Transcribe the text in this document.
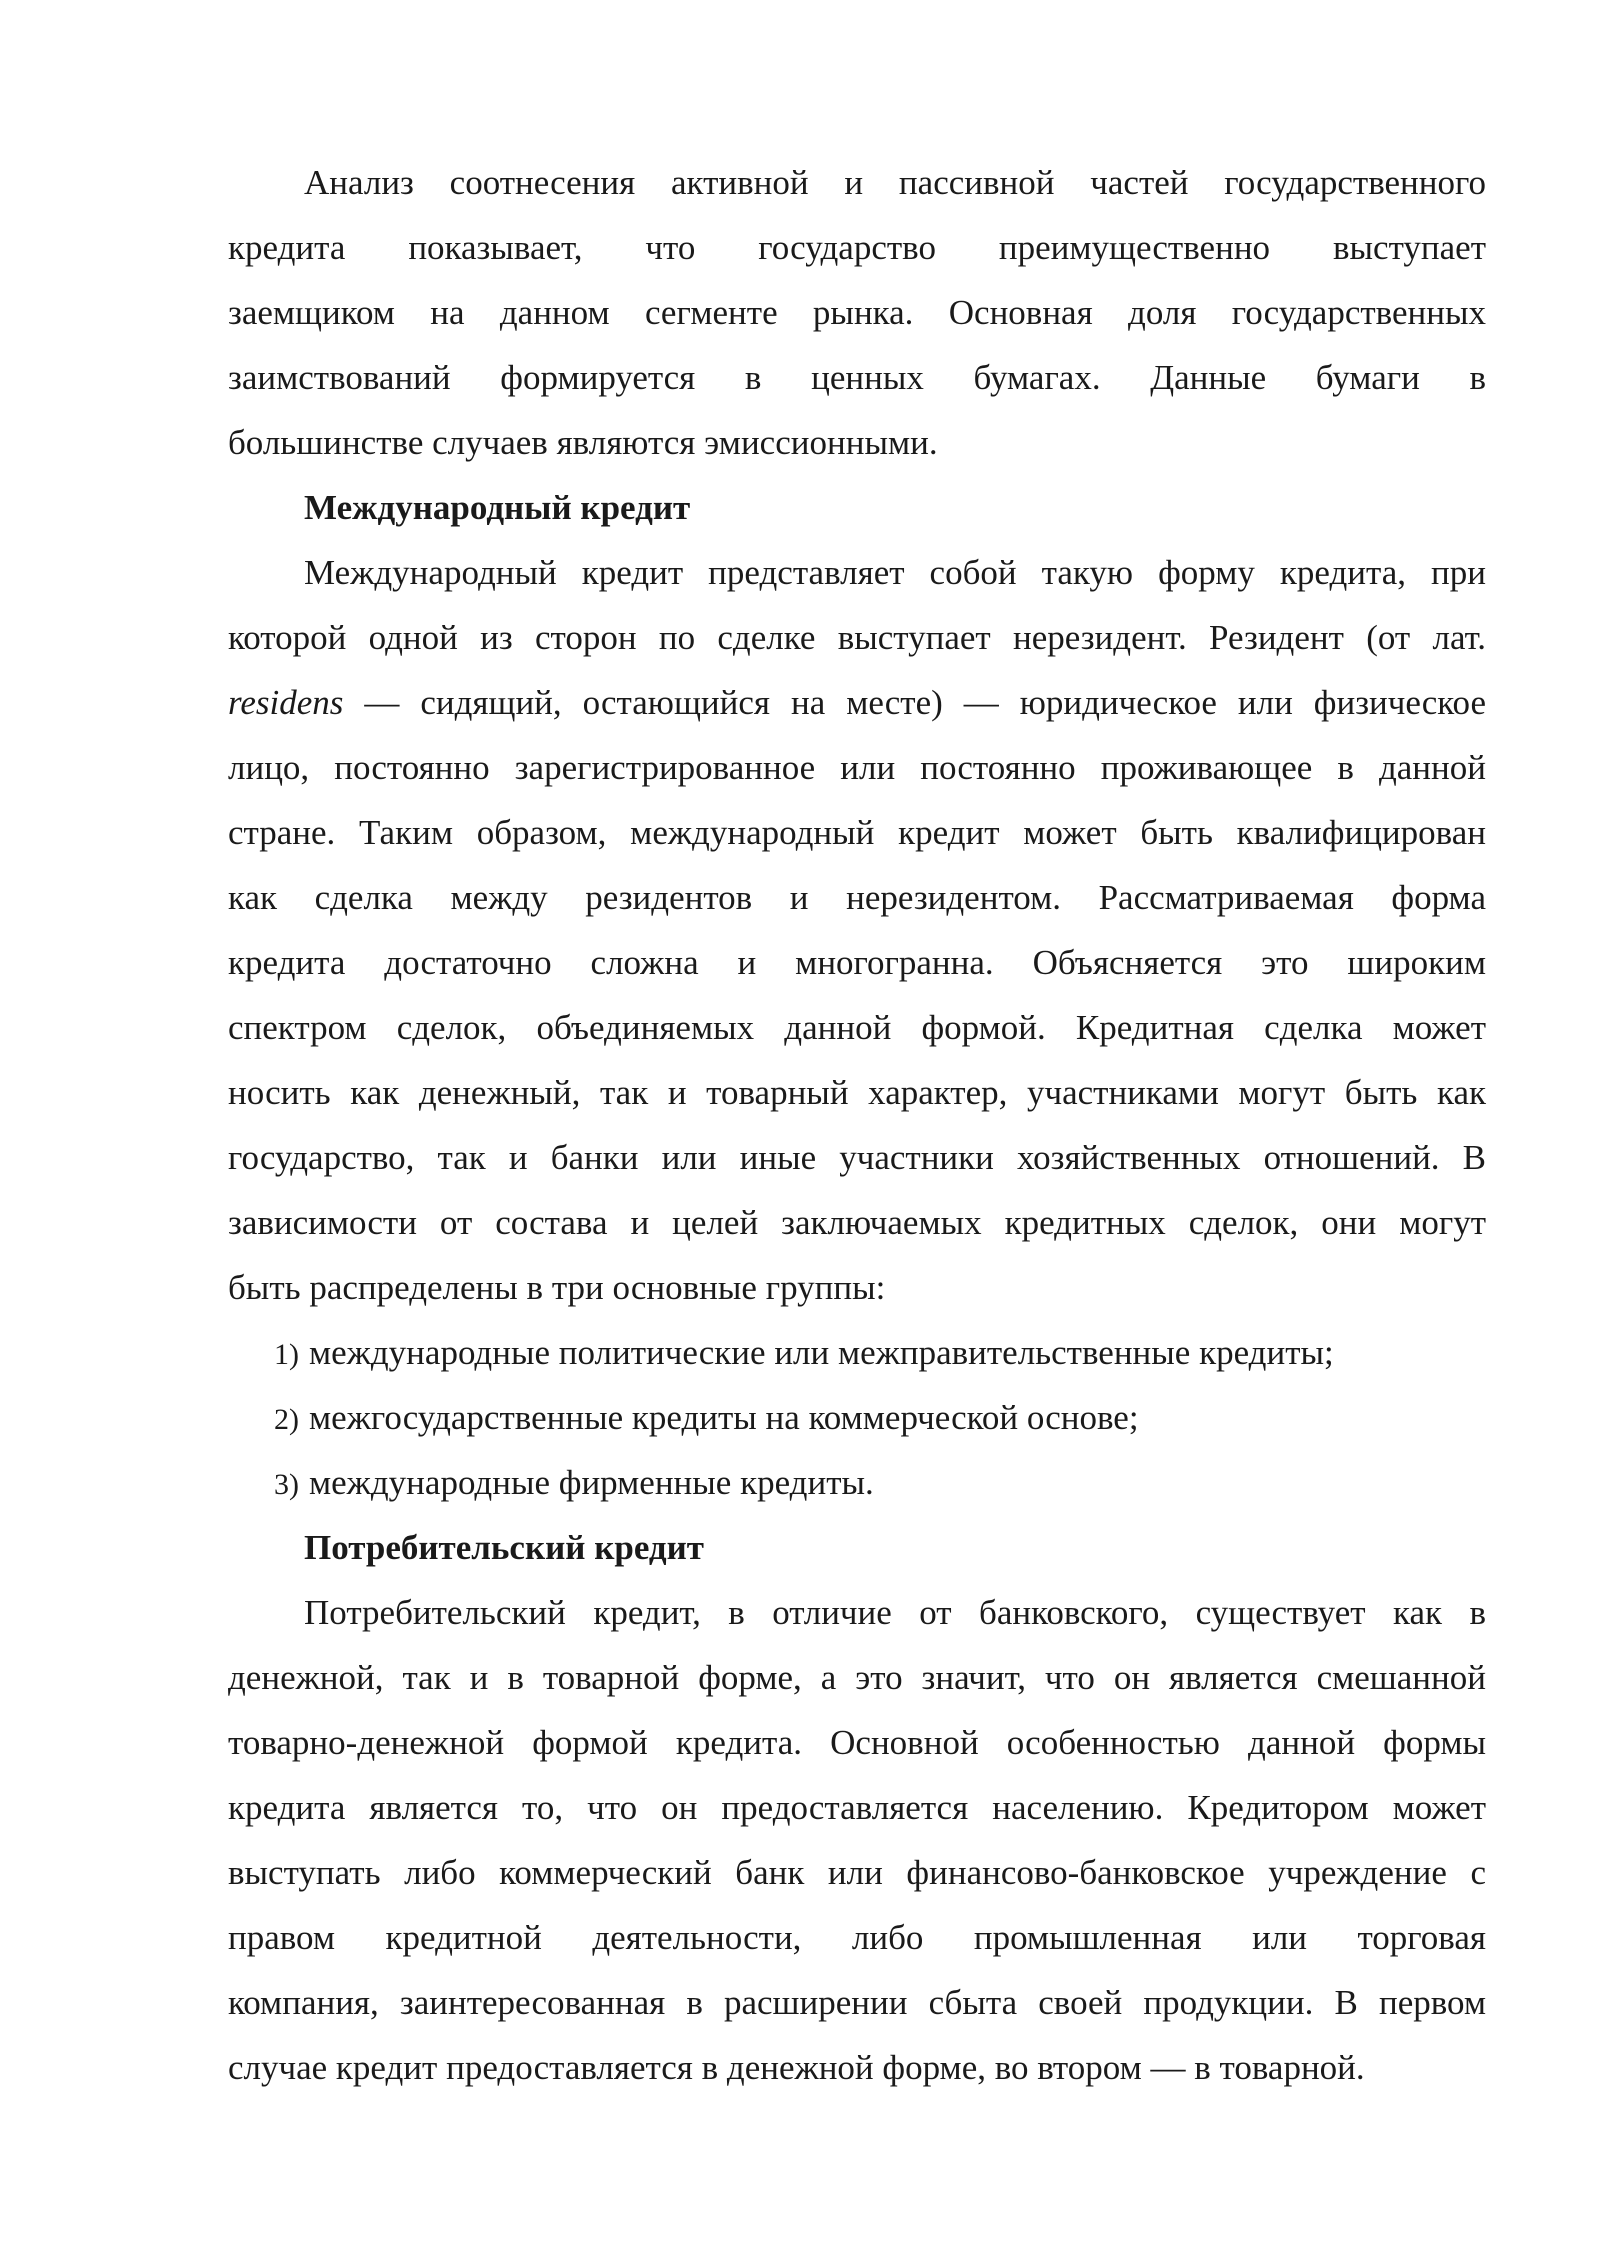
Анализ соотнесения активной и пассивной частей государственного
кредита показывает, что государство преимущественно выступает
заемщиком на данном сегменте рынка. Основная доля государственных
заимствований формируется в ценных бумагах. Данные бумаги в
большинстве случаев являются эмиссионными.
Международный кредит
Международный кредит представляет собой такую форму кредита, при
которой одной из сторон по сделке выступает нерезидент. Резидент (от лат.
residens — сидящий, остающийся на месте) — юридическое или физическое
лицо, постоянно зарегистрированное или постоянно проживающее в данной
стране. Таким образом, международный кредит может быть квалифицирован
как сделка между резидентов и нерезидентом. Рассматриваемая форма
кредита достаточно сложна и многогранна. Объясняется это широким
спектром сделок, объединяемых данной формой. Кредитная сделка может
носить как денежный, так и товарный характер, участниками могут быть как
государство, так и банки или иные участники хозяйственных отношений. В
зависимости от состава и целей заключаемых кредитных сделок, они могут
быть распределены в три основные группы:
1) международные политические или межправительственные кредиты;
2) межгосударственные кредиты на коммерческой основе;
3) международные фирменные кредиты.
Потребительский кредит
Потребительский кредит, в отличие от банковского, существует как в
денежной, так и в товарной форме, а это значит, что он является смешанной
товарно-денежной формой кредита. Основной особенностью данной формы
кредита является то, что он предоставляется населению. Кредитором может
выступать либо коммерческий банк или финансово-банковское учреждение с
правом кредитной деятельности, либо промышленная или торговая
компания, заинтересованная в расширении сбыта своей продукции. В первом
случае кредит предоставляется в денежной форме, во втором — в товарной.
